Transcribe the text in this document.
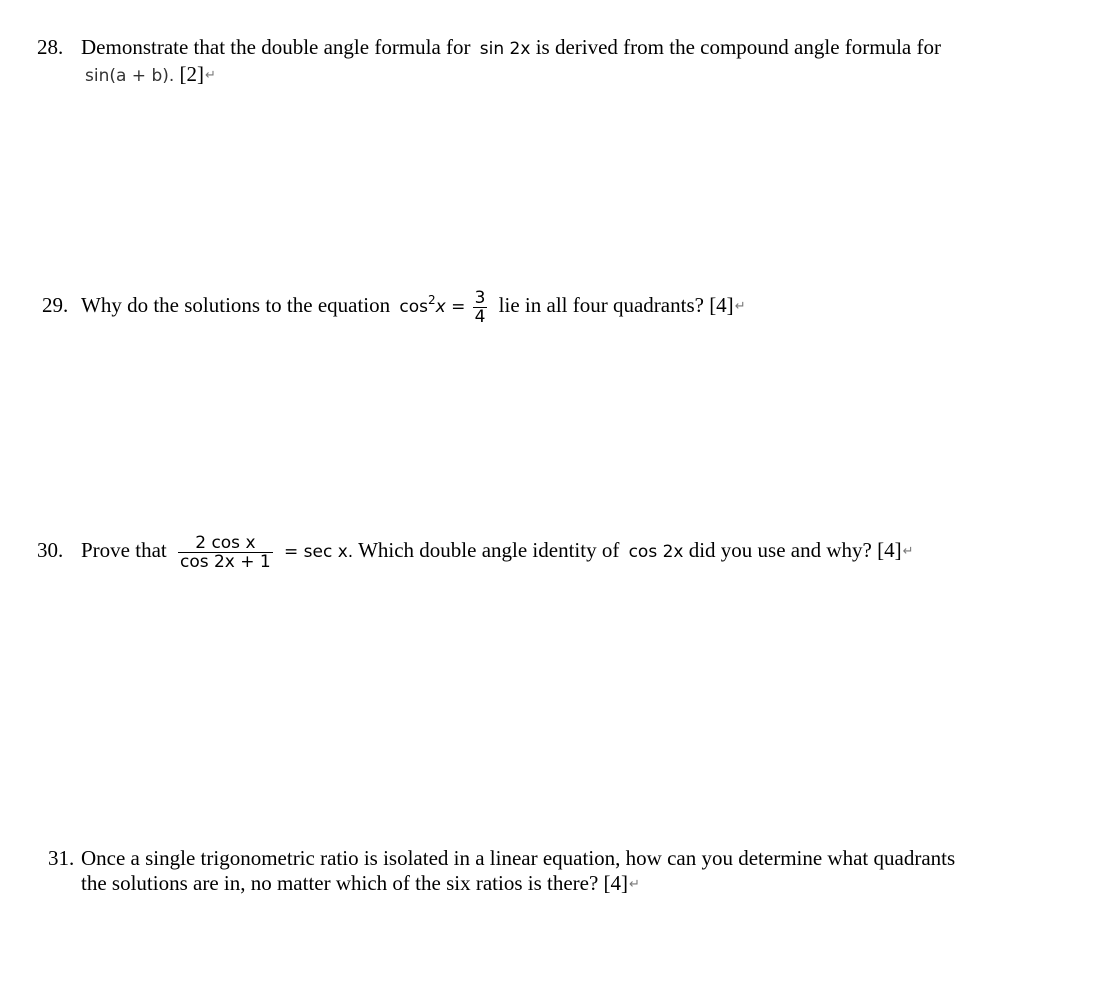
28. Demonstrate that the double angle formula for sin 2x is derived from the compound angle formula for
sin(a + b). [2]↵
29. Why do the solutions to the equation $\cos^2x = \frac{3}{4}$ lie in all four quadrants? [4]↵
30. Prove that $\frac{\text{2 cos x}}{\cos 2x + 1} = \sec x$. Which double angle identity of cos 2x did you use and why? [4]↵
31. Once a single trigonometric ratio is isolated in a linear equation, how can you determine what quadrants
the solutions are in, no matter which of the six ratios is there? [4]↵
